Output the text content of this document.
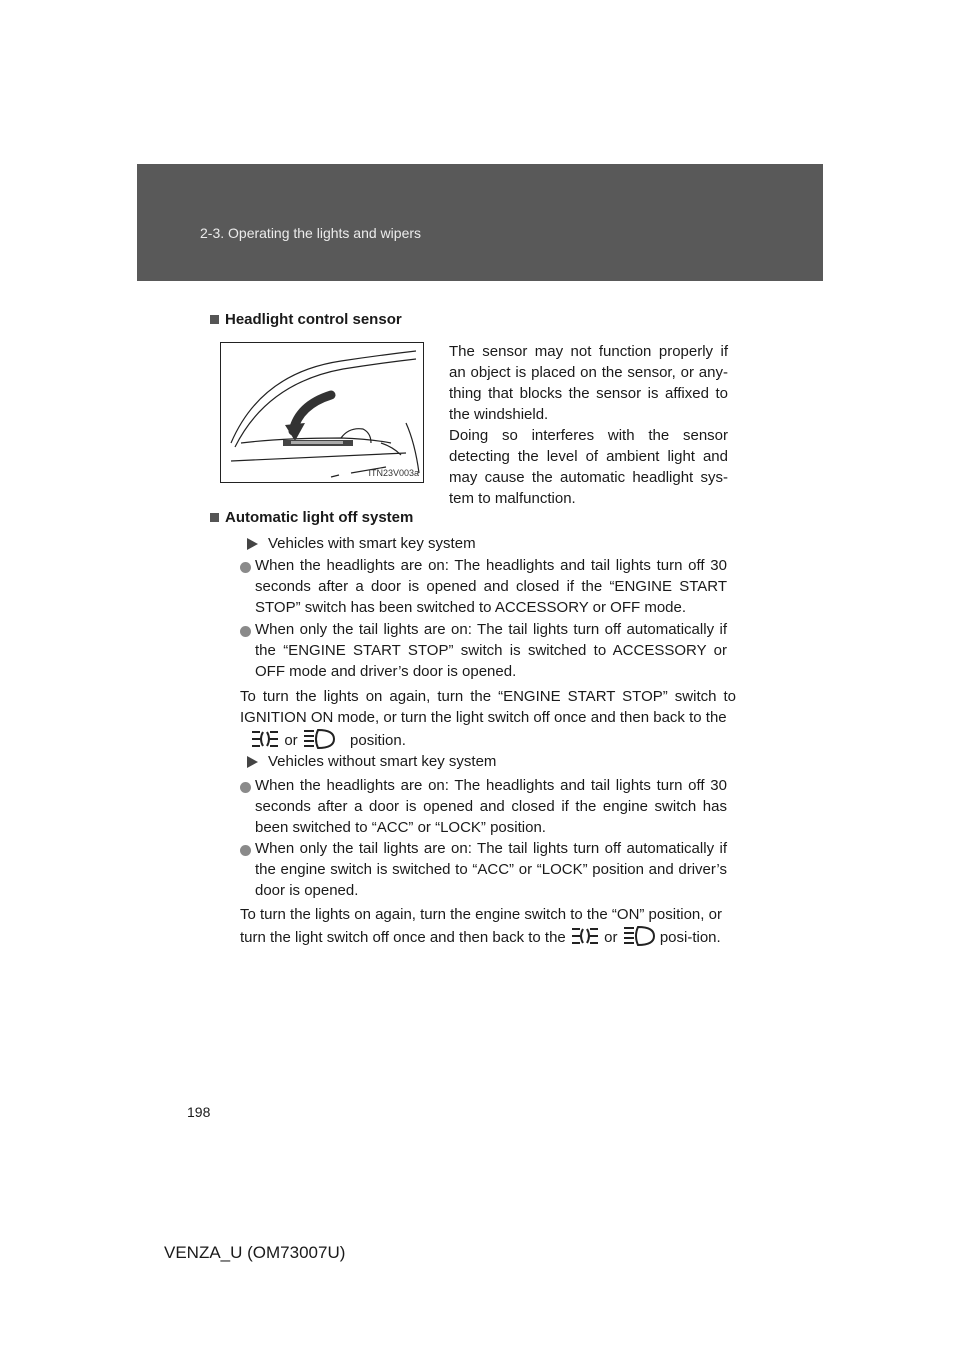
2-3. Operating the lights and wipers
Headlight control sensor
ITN23V003a
The sensor may not function properly if an object is placed on the sensor, or any-thing that blocks the sensor is affixed to the windshield.
Doing so interferes with the sensor detecting the level of ambient light and may cause the automatic headlight sys-tem to malfunction.
Automatic light off system
Vehicles with smart key system
When the headlights are on: The headlights and tail lights turn off 30 seconds after a door is opened and closed if the “ENGINE START STOP” switch has been switched to ACCESSORY or OFF mode.
When only the tail lights are on: The tail lights turn off automatically if the “ENGINE START STOP” switch is switched to ACCESSORY or OFF mode and driver’s door is opened.
To turn the lights on again, turn the “ENGINE START STOP” switch to IGNITION ON mode, or turn the light switch off once and then back to the
or	position.
Vehicles without smart key system
When the headlights are on: The headlights and tail lights turn off 30 seconds after a door is opened and closed if the engine switch has been switched to “ACC” or “LOCK” position.
When only the tail lights are on: The tail lights turn off automatically if the engine switch is switched to “ACC” or “LOCK” position and driver’s door is opened.
To turn the lights on again, turn the engine switch to the “ON” position, or turn the light switch off once and then back to the	or	posi-tion.
198
VENZA_U (OM73007U)
